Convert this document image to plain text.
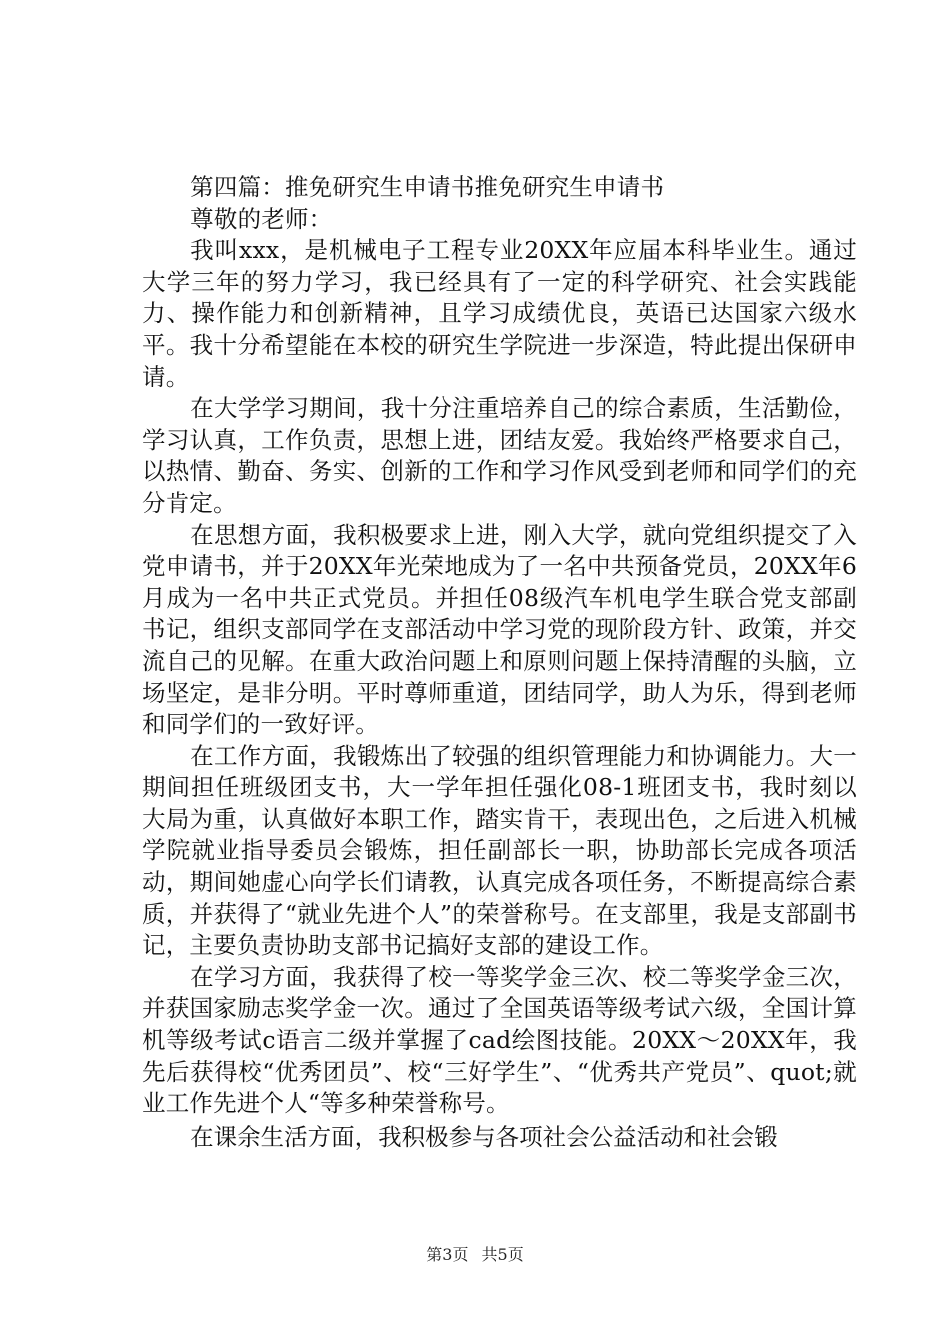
第四篇：推免研究生申请书推免研究生申请书
尊敬的老师：

我叫xxx，是机械电子工程专业20XX年应届本科毕业生。通过大学三年的努力学习，我已经具有了一定的科学研究、社会实践能力、操作能力和创新精神，且学习成绩优良，英语已达国家六级水平。我十分希望能在本校的研究生学院进一步深造，特此提出保研申请。

在大学学习期间，我十分注重培养自己的综合素质，生活勤俭，学习认真，工作负责，思想上进，团结友爱。我始终严格要求自己，以热情、勤奋、务实、创新的工作和学习作风受到老师和同学们的充分肯定。

在思想方面，我积极要求上进，刚入大学，就向党组织提交了入党申请书，并于20XX年光荣地成为了一名中共预备党员，20XX年6月成为一名中共正式党员。并担任08级汽车机电学生联合党支部副书记，组织支部同学在支部活动中学习党的现阶段方针、政策，并交流自己的见解。在重大政治问题上和原则问题上保持清醒的头脑，立场坚定，是非分明。平时尊师重道，团结同学，助人为乐，得到老师和同学们的一致好评。

在工作方面，我锻炼出了较强的组织管理能力和协调能力。大一期间担任班级团支书，大一学年担任强化08-1班团支书，我时刻以大局为重，认真做好本职工作，踏实肯干，表现出色，之后进入机械学院就业指导委员会锻炼，担任副部长一职，协助部长完成各项活动，期间她虚心向学长们请教，认真完成各项任务，不断提高综合素质，并获得了“就业先进个人”的荣誉称号。在支部里，我是支部副书记，主要负责协助支部书记搞好支部的建设工作。

在学习方面，我获得了校一等奖学金三次、校二等奖学金三次，并获国家励志奖学金一次。通过了全国英语等级考试六级，全国计算机等级考试c语言二级并掌握了cad绘图技能。20XX～20XX年，我先后获得校“优秀团员”、校“三好学生”、“优秀共产党员”、quot;就业工作先进个人“等多种荣誉称号。

在课余生活方面，我积极参与各项社会公益活动和社会锻
第3页 共5页
